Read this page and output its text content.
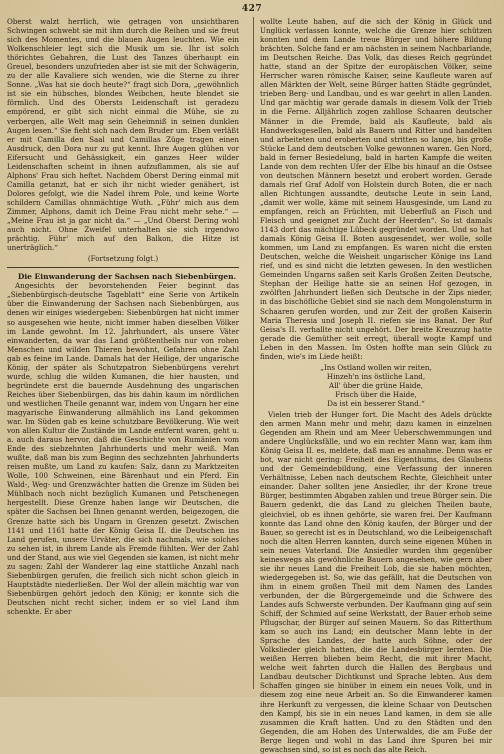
427

Oberst walzt herrlich, wie getragen von unsichtbaren Schwingen schwebt sie mit ihm durch die Reihen und sie freut sich des Momentes, und die blauen Augen leuchten. Wie ein Wolkenschleier legt sich die Musik um sie. Ihr ist solch thörichtes Gebahren, die Lust des Tanzes überhaupt ein Greuel, besonders unzufrieden aber ist sie mit der Schwägerin, zu der alle Kavaliere sich wenden, wie die Sterne zu ihrer Sonne. „Was hat sie doch heute?“ fragt sich Dora, „gewöhnlich ist sie ein hübsches, blondes Weibchen, heute blendet sie förmlich. Und des Obersts Leidenschaft ist geradezu empörend, er gibt sich nicht einmal die Mühe, sie zu verbergen, alle Welt mag sein Geheimniß in seinen dunklen Augen lesen.“ Sie fieht sich nach dem Bruder um. Eben verläßt er mit Camilla den Saal und Camillas Züge tragen einen Ausdruck, den Dora nur zu gut kennt. Ihre Augen glühen vor Eifersucht und Gehässigkeit, ein ganzes Heer wilder Leidenschaften scheint in ihnen aufzuflammen, als sie auf Alphons' Frau sich heftet. Nachdem Oberst Dering einmal mit Camilla getanzt, hat er sich ihr nicht wieder genähert, ist Dolores gefolgt, wie die Nadel ihrem Pole, und keine Worte schildern Camillas ohnmächtige Wuth. „Führ' mich aus dem Zimmer, Alphons, damit ich Deine Frau nicht mehr sehe.“ — „Meine Frau ist ja gar nicht da.“ — „Und Oberst Dering wohl auch nicht. Ohne Zweifel unterhalten sie sich irgendwo prächtig. Führ' mich auf den Balkon, die Hitze ist unerträglich.“

(Fortsetzung folgt.)

Die Einwanderung der Sachsen nach Siebenbürgen.

Angesichts der bevorstehenden Feier beginnt das „Siebenbürgisch-deutsche Tageblatt“ eine Serie von Artikeln über die Einwanderung der Sachsen nach Siebenbürgen, aus denen wir einiges wiedergeben: Siebenbürgen hat nicht immer so ausgesehen wie heute, nicht immer haben dieselben Völker im Lande gewohnt. Im 12. Jahrhundert, als unsere Väter einwanderten, da war das Land größtentheils nur von rohen Menschen und wilden Thieren bewohnt, Gefahren ohne Zahl gab es feine im Lande. Damals hat der Heilige, der ungarische König, der später als Schutzpatron Siebenbürgens verehrt wurde, schlug die wilden Kumanen, die hier hausten, und begründete erst die bauernde Ausdehnung des ungarischen Reiches über Siebenbürgen, das bis dahin kaum im nördlichen und westlichen Theile genannt war, indem von Ungarn her eine magyarische Einwanderung allmählich ins Land gekommen war. Im Süden gab es keine schutzbare Bevölkerung. Wie weit von allen Kultur die Zustände im Lande entfernt waren, geht u. a. auch daraus hervor, daß die Geschichte von Rumänien vom Ende des siebzehnten Jahrhunderts und mehr weiß. Man wußte, daß man bis zum Beginn des sechzehnten Jahrhunderts reisen mußte, um Land zu kaufen: Salz, dann zu Marktzeiten Wolle, 100 Schweinen, eine Bärenhaut und ein Pferd. Ein Wald-, Weg- und Grenzwächter hatten die Grenze im Süden bei Mühlbach noch nicht bezüglich Kumanen und Petschenegen hergestellt. Diese Grenze haben lange wir Deutschen, die später die Sachsen bei Ihnen genannt werden, beigezogen, die Grenze hatte sich bis Ungarn in Grenzen gesetzt. Zwischen 1141 und 1161 hatte der König Geisa II. die Deutschen ins Land gerufen, unsere Urväter, die sich nachmals, wie solches zu sehen ist, in ihrem Lande als Fremde fühlten. Wer der Zahl und der Stand, aus wie viel Gegenden sie kamen, ist nicht mehr zu sagen: Zahl der Wanderer lag eine stattliche Anzahl nach Siebenbürgen gerufen, die freilich sich nicht schon gleich in Hauptstädte niederließen. Der Wol der allein mächtig war von Siebenbürgen gehört jedoch den König; er konnte sich die Deutschen nicht recht sicher, indem er so viel Land ihm schenkte. Er aber

wollte Leute haben, auf die sich der König in Glück und Unglück verlassen konnte, welche die Grenze hier schützen konnten und dem Lande treue Bürger und höhere Bildung brächten. Solche fand er am nächsten in seinem Nachbarlande, im Deutschen Reiche. Das Volk, das dieses Reich gegründet hatte, stand an der Spitze der europäischen Völker, seine Herrscher waren römische Kaiser, seine Kaufleute waren auf allen Märkten der Welt, seine Bürger hatten Städte gegründet, trieben Berg- und Landbau, und es war geehrt in allen Landen. Und gar mächtig war gerade damals in diesem Volk der Trieb in die Ferne. Alljährlich zogen zahllose Schaaren deutscher Männer in die Fremde, bald als Kaufleute, bald als Handwerksgesellen, bald als Bauern und Ritter und handelten und arbeiteten und eroberten und stritten so lange, bis große Stücke Land dem deutschen Volke gewonnen waren. Gen Nord, bald in ferner Besiedelung, bald in harten Kampfe die weiten Lande von dem rechten Ufer der Elbe bis hinauf an die Ostsee von deutschen Männern besetzt und erobert worden. Gerade damals rief Graf Adolf von Holstein durch Boten, die er nach allen Richtungen aussandte, deutsche Leute in sein Land, „damit wer wolle, käme mit seinem Hausgesinde, um Land zu empfangen, reich an Früchten, mit Ueberfluß an Fisch und Fleisch und geeignet zur Zucht der Heerden“. So ist damals 1143 dort das mächtige Lübeck gegründet worden. Und so hat damals König Geisa II. Boten ausgesendet, wer wolle, solle kommen, um Land zu empfangen. Es waren nicht die ersten Deutschen, welche die Weisheit ungarischer Könige ins Land rief, und es sind nicht die letzten gewesen. In den westlichen Gemeinden Ungarns saßen seit Karls Großen Zeiten Deutsche, Stephan der Heilige hatte sie an seinen Hof gezogen, in zwölften Jahrhundert ließen sich Deutsche in der Zips nieder, in das bischöfliche Gebiet sind sie nach dem Mongolensturm in Schaaren gerufen worden, und zur Zeit der großen Kaiserin Maria Theresia und Joseph II. riefen sie ins Banat. Der Ruf Geisa's II. verhallte nicht ungehört. Der breite Kreuzzug hatte gerade die Gemüther seit erregt, überall wogte Kampf und Leben in den Massen. Im Osten hoffte man sein Glück zu finden, wie's im Liede heißt:

„Ins Ostland wollen wir reiten,
Hinzeh'n ins östliche Land,
All' über die grüne Haide,
Frisch über die Haide,
Da ist ein besserer Stand.“

Vielen trieb der Hunger fort. Die Macht des Adels drückte den armen Mann mehr und mehr, dazu kamen in einzelnen Gegenden am Rhein und am Meer Ueberschwemmungen und andere Unglücksfälle, und wo ein rechter Mann war, kam ihm König Geisa II. es, meldete, daß man es annahme. Denn was er bot, war nicht gering: Freiheit des Eigenthums, des Glaubens und der Gemeindebildung, eine Verfassung der inneren Verhältnisse, Leben nach deutschem Rechte, Gleichheit unter einander. Daher sollten jene Ansiedler, ihr der Krone treue Bürger, bestimmten Abgaben zahlen und treue Bürger sein. Die Bauern gedenkt, die das Land zu gleichen Theilen baute, gleichviel, ob es ihnen gehörte, sie waren frei. Der Kaufmann konnte das Land ohne den König kaufen, der Bürger und der Bauer, so gerecht ist es in Deutschland, wo die Leibeigenschaft noch die alten Herren kannten, durch seine eigenen Mühen in sein neues Vaterland. Die Ansiedler wurden ihm gegenüber keineswegs als gewöhnliche Bauern angesehen, wie gern aber sie ihr neues Land die Freiheit Lob, die sie haben möchten, wiedergegeben ist. So, wie das gefällt, hat die Deutschen von ihm in einem großen Theil mit dem Namen des Landes verbunden, der die Bürgergemeinde und die Schwere des Landes aufs Schwerste verbunden. Der Kaufmann ging auf sein Schiff, der Schmied auf seine Werkstatt, der Bauer erhob seine Pflugschar, der Bürger auf seinen Mauern. So das Ritterthum kam so auch ins Land; ein deutscher Mann lebte in der Sprache des Landes, der hatte auch Söhne, oder der Volkslieder gleich hatten, die die Landesbürger lernten. Die weißen Herren blieben beim Recht, die mit ihrer Macht, welche weit fahrten durch die Hallen des Bergbaus und Landbau deutscher Dichtkunst und Sprache lebten. Aus dem Schaffen gingen sie hinüber in einem ein neues Volk, und in diesem zog eine neue Arbeit an. So die Einwanderer kamen ihre Herkunft zu vergessen, die kleine Schaar von Deutschen den Kampf, bis sie in ein neues Land kamen, in dem sie alle zusammen die Kraft hatten. Und zu den Städten und den Gegenden, die am Hohen des Unterwaldes, die am Fuße der Berge liegen und wohl in das Land ihre Spuren bei mir gewachsen sind, so ist es noch das alte Reich.
